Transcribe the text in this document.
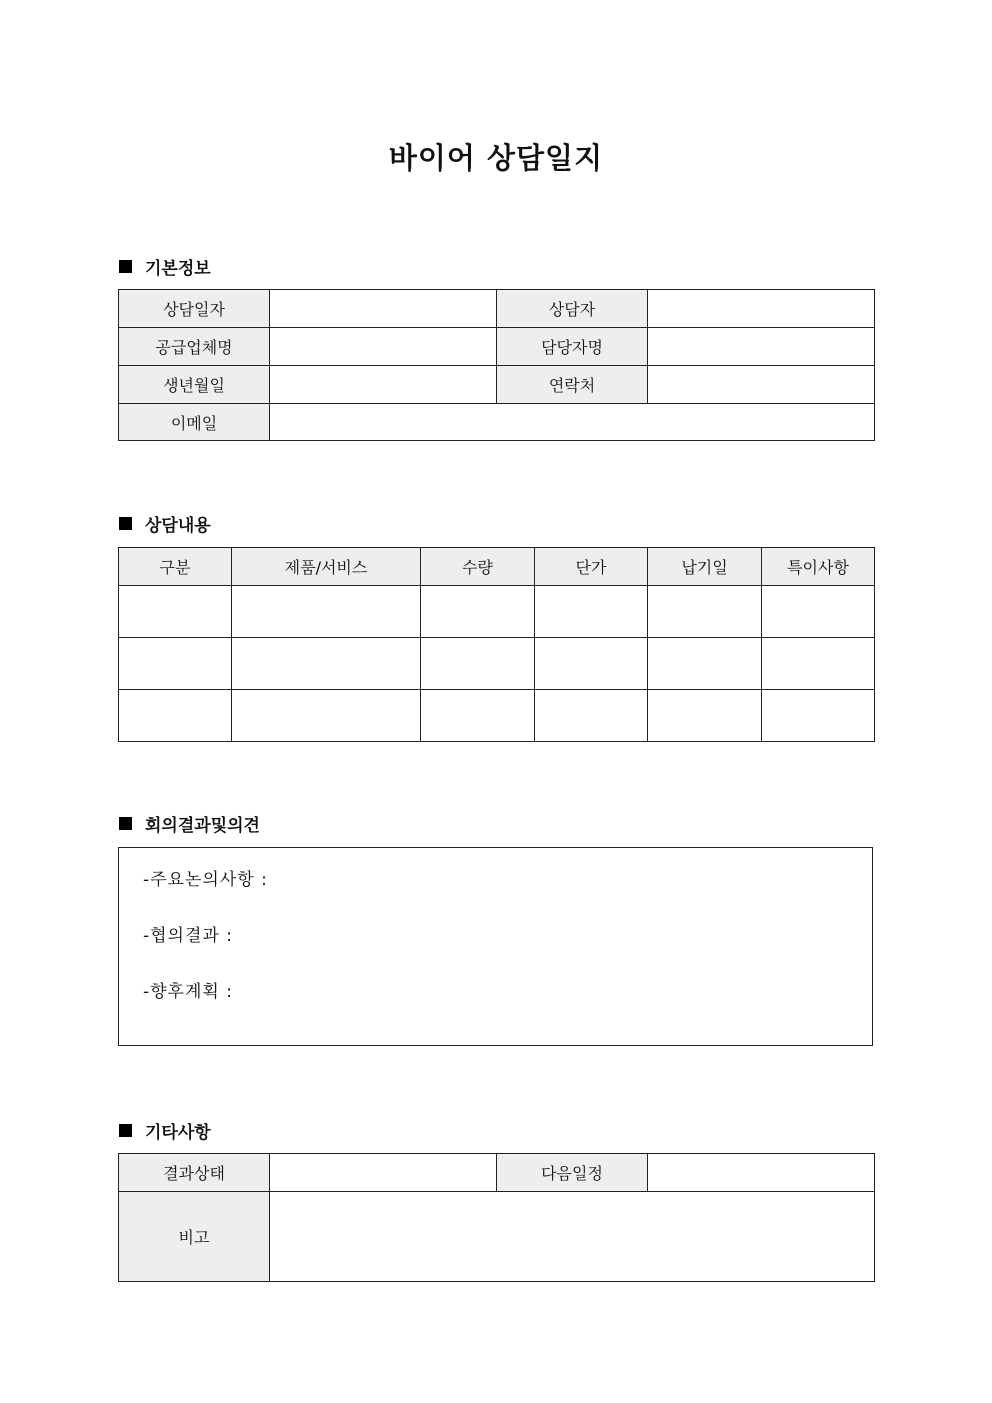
바이어 상담일지
기본정보
상담일자		상담자	
공급업체명		담당자명	
생년월일		연락처	
이메일			
상담내용
구분	제품/서비스	수량	단가	납기일	특이사항

회의결과및의견
-주요논의사항 :
-협의결과 :
-향후계획 :
기타사항
결과상태		다음일정	
비고			
